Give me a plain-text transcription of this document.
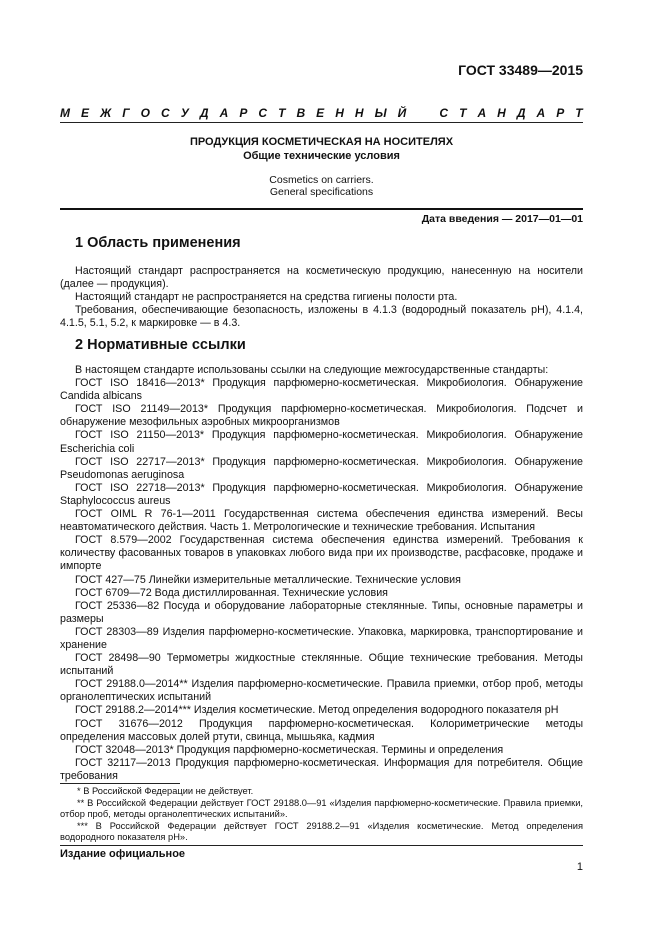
ГОСТ 33489—2015
М Е Ж Г О С У Д А Р С Т В Е Н Н Ы Й	С Т А Н Д А Р Т
ПРОДУКЦИЯ КОСМЕТИЧЕСКАЯ НА НОСИТЕЛЯХ
Общие технические условия
Cosmetics on carriers.
General specifications
Дата введения — 2017—01—01
1 Область применения

Настоящий стандарт распространяется на косметическую продукцию, нанесенную на носители (далее — продукция).

Настоящий стандарт не распространяется на средства гигиены полости рта.

Требования, обеспечивающие безопасность, изложены в 4.1.3 (водородный показатель pH), 4.1.4, 4.1.5, 5.1, 5.2, к маркировке — в 4.3.

2 Нормативные ссылки

В настоящем стандарте использованы ссылки на следующие межгосударственные стандарты:

ГОСТ ISO 18416—2013* Продукция парфюмерно-косметическая. Микробиология. Обнаружение Candida albicans

ГОСТ ISO 21149—2013* Продукция парфюмерно-косметическая. Микробиология. Подсчет и обнаружение мезофильных аэробных микроорганизмов

ГОСТ ISO 21150—2013* Продукция парфюмерно-косметическая. Микробиология. Обнаружение Escherichia coli

ГОСТ ISO 22717—2013* Продукция парфюмерно-косметическая. Микробиология. Обнаружение Pseudomonas aeruginosa

ГОСТ ISO 22718—2013* Продукция парфюмерно-косметическая. Микробиология. Обнаружение Staphylococcus aureus

ГОСТ OIML R 76-1—2011 Государственная система обеспечения единства измерений. Весы неавтоматического действия. Часть 1. Метрологические и технические требования. Испытания

ГОСТ 8.579—2002 Государственная система обеспечения единства измерений. Требования к количеству фасованных товаров в упаковках любого вида при их производстве, расфасовке, продаже и импорте

ГОСТ 427—75 Линейки измерительные металлические. Технические условия

ГОСТ 6709—72 Вода дистиллированная. Технические условия

ГОСТ 25336—82 Посуда и оборудование лабораторные стеклянные. Типы, основные параметры и размеры

ГОСТ 28303—89 Изделия парфюмерно-косметические. Упаковка, маркировка, транспортирование и хранение

ГОСТ 28498—90 Термометры жидкостные стеклянные. Общие технические требования. Методы испытаний

ГОСТ 29188.0—2014** Изделия парфюмерно-косметические. Правила приемки, отбор проб, методы органолептических испытаний

ГОСТ 29188.2—2014*** Изделия косметические. Метод определения водородного показателя pH

ГОСТ 31676—2012 Продукция парфюмерно-косметическая. Колориметрические методы определения массовых долей ртути, свинца, мышьяка, кадмия

ГОСТ 32048—2013* Продукция парфюмерно-косметическая. Термины и определения

ГОСТ 32117—2013 Продукция парфюмерно-косметическая. Информация для потребителя. Общие требования

* В Российской Федерации не действует.

** В Российской Федерации действует ГОСТ 29188.0—91 «Изделия парфюмерно-косметические. Правила приемки, отбор проб, методы органолептических испытаний».

*** В Российской Федерации действует ГОСТ 29188.2—91 «Изделия косметические. Метод определения водородного показателя pH».

Издание официальное
1
